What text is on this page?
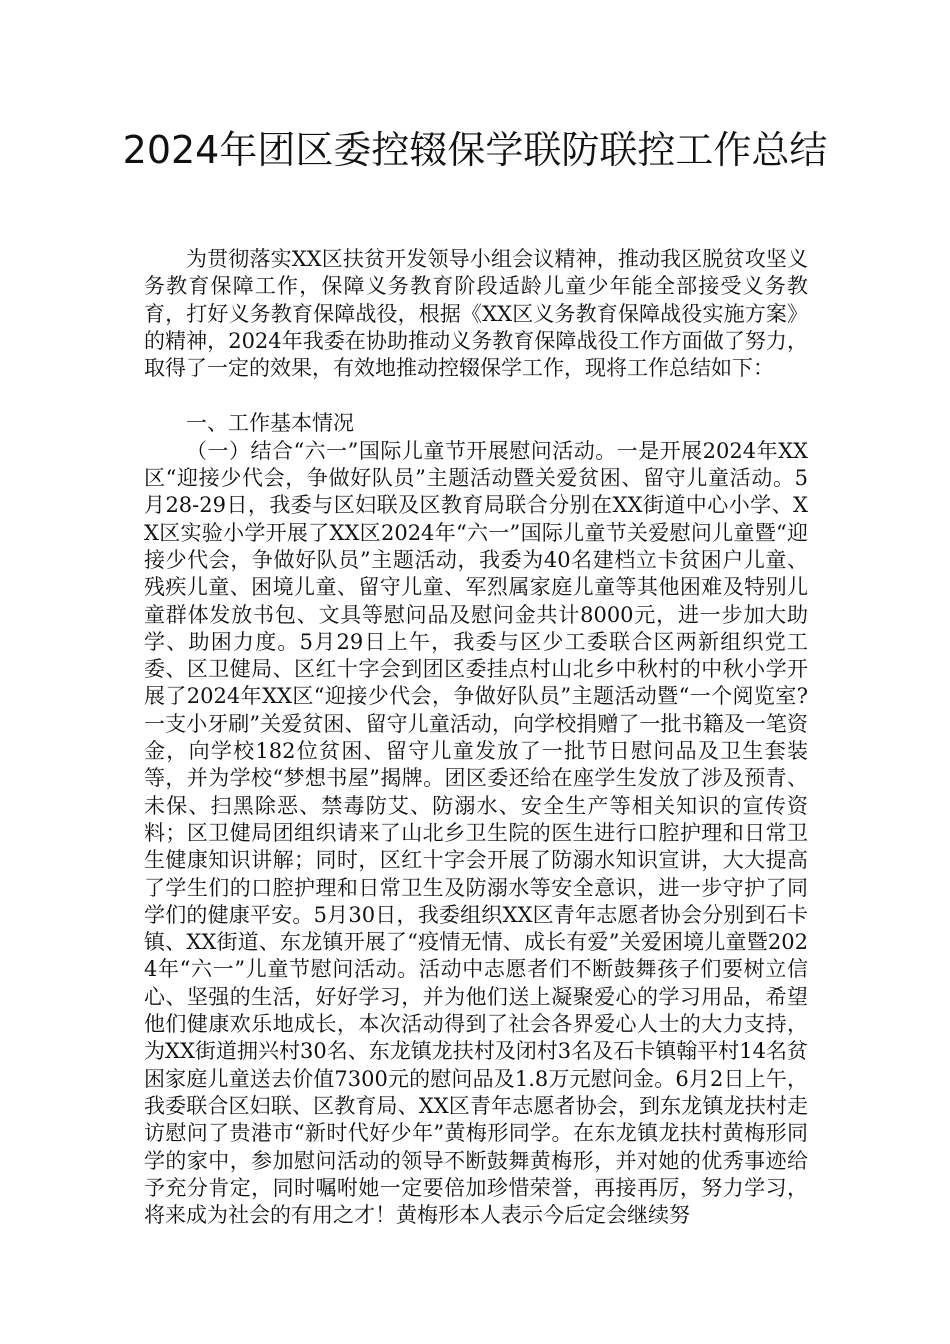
2024年团区委控辍保学联防联控工作总结

为贯彻落实XX区扶贫开发领导小组会议精神，推动我区脱贫攻坚义务教育保障工作，保障义务教育阶段适龄儿童少年能全部接受义务教育，打好义务教育保障战役，根据《XX区义务教育保障战役实施方案》的精神，2024年我委在协助推动义务教育保障战役工作方面做了努力，取得了一定的效果，有效地推动控辍保学工作，现将工作总结如下：

一、工作基本情况

（一）结合“六一”国际儿童节开展慰问活动。一是开展2024年XX区“迎接少代会，争做好队员”主题活动暨关爱贫困、留守儿童活动。5月28-29日，我委与区妇联及区教育局联合分别在XX街道中心小学、XX区实验小学开展了XX区2024年“六一”国际儿童节关爱慰问儿童暨“迎接少代会，争做好队员”主题活动，我委为40名建档立卡贫困户儿童、残疾儿童、困境儿童、留守儿童、军烈属家庭儿童等其他困难及特别儿童群体发放书包、文具等慰问品及慰问金共计8000元，进一步加大助学、助困力度。5月29日上午，我委与区少工委联合区两新组织党工委、区卫健局、区红十字会到团区委挂点村山北乡中秋村的中秋小学开展了2024年XX区“迎接少代会，争做好队员”主题活动暨“一个阅览室?一支小牙刷”关爱贫困、留守儿童活动，向学校捐赠了一批书籍及一笔资金，向学校182位贫困、留守儿童发放了一批节日慰问品及卫生套装等，并为学校“梦想书屋”揭牌。团区委还给在座学生发放了涉及预青、未保、扫黑除恶、禁毒防艾、防溺水、安全生产等相关知识的宣传资料；区卫健局团组织请来了山北乡卫生院的医生进行口腔护理和日常卫生健康知识讲解；同时，区红十字会开展了防溺水知识宣讲，大大提高了学生们的口腔护理和日常卫生及防溺水等安全意识，进一步守护了同学们的健康平安。5月30日，我委组织XX区青年志愿者协会分别到石卡镇、XX街道、东龙镇开展了“疫情无情、成长有爱”关爱困境儿童暨2024年“六一”儿童节慰问活动。活动中志愿者们不断鼓舞孩子们要树立信心、坚强的生活，好好学习，并为他们送上凝聚爱心的学习用品，希望他们健康欢乐地成长，本次活动得到了社会各界爱心人士的大力支持，为XX街道拥兴村30名、东龙镇龙扶村及闭村3名及石卡镇翰平村14名贫困家庭儿童送去价值7300元的慰问品及1.8万元慰问金。6月2日上午，我委联合区妇联、区教育局、XX区青年志愿者协会，到东龙镇龙扶村走访慰问了贵港市“新时代好少年”黄梅形同学。在东龙镇龙扶村黄梅形同学的家中，参加慰问活动的领导不断鼓舞黄梅形，并对她的优秀事迹给予充分肯定，同时嘱咐她一定要倍加珍惜荣誉，再接再厉，努力学习，将来成为社会的有用之才！黄梅形本人表示今后定会继续努
